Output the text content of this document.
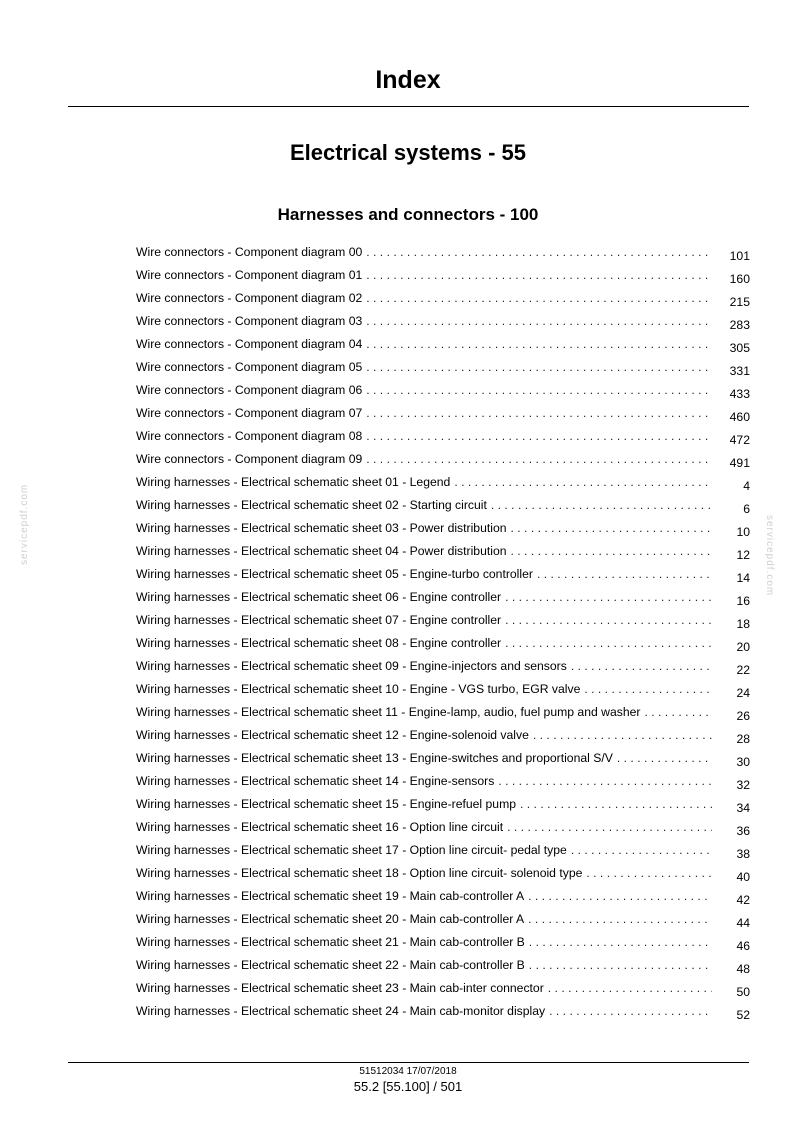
Index
Electrical systems - 55
Harnesses and connectors - 100
Wire connectors - Component diagram 00 . . .	101
Wire connectors - Component diagram 01 . . .	160
Wire connectors - Component diagram 02 . . .	215
Wire connectors - Component diagram 03 . . .	283
Wire connectors - Component diagram 04 . . .	305
Wire connectors - Component diagram 05 . . .	331
Wire connectors - Component diagram 06 . . .	433
Wire connectors - Component diagram 07 . . .	460
Wire connectors - Component diagram 08 . . .	472
Wire connectors - Component diagram 09 . . .	491
Wiring harnesses - Electrical schematic sheet 01 - Legend . . .	4
Wiring harnesses - Electrical schematic sheet 02 - Starting circuit . . .	6
Wiring harnesses - Electrical schematic sheet 03 - Power distribution . . .	10
Wiring harnesses - Electrical schematic sheet 04 - Power distribution . . .	12
Wiring harnesses - Electrical schematic sheet 05 - Engine-turbo controller . . .	14
Wiring harnesses - Electrical schematic sheet 06 - Engine controller . . .	16
Wiring harnesses - Electrical schematic sheet 07 - Engine controller . . .	18
Wiring harnesses - Electrical schematic sheet 08 - Engine controller . . .	20
Wiring harnesses - Electrical schematic sheet 09 - Engine-injectors and sensors . . .	22
Wiring harnesses - Electrical schematic sheet 10 - Engine - VGS turbo, EGR valve . . .	24
Wiring harnesses - Electrical schematic sheet 11 - Engine-lamp, audio, fuel pump and washer . . .	26
Wiring harnesses - Electrical schematic sheet 12 - Engine-solenoid valve . . .	28
Wiring harnesses - Electrical schematic sheet 13 - Engine-switches and proportional S/V . . .	30
Wiring harnesses - Electrical schematic sheet 14 - Engine-sensors . . .	32
Wiring harnesses - Electrical schematic sheet 15 - Engine-refuel pump . . .	34
Wiring harnesses - Electrical schematic sheet 16 - Option line circuit . . .	36
Wiring harnesses - Electrical schematic sheet 17 - Option line circuit- pedal type . . .	38
Wiring harnesses - Electrical schematic sheet 18 - Option line circuit- solenoid type . . .	40
Wiring harnesses - Electrical schematic sheet 19 - Main cab-controller A . . .	42
Wiring harnesses - Electrical schematic sheet 20 - Main cab-controller A . . .	44
Wiring harnesses - Electrical schematic sheet 21 - Main cab-controller B . . .	46
Wiring harnesses - Electrical schematic sheet 22 - Main cab-controller B . . .	48
Wiring harnesses - Electrical schematic sheet 23 - Main cab-inter connector . . .	50
Wiring harnesses - Electrical schematic sheet 24 - Main cab-monitor display . . .	52
servicepdf.com	servicepdf.com
51512034 17/07/2018
55.2 [55.100] / 501
